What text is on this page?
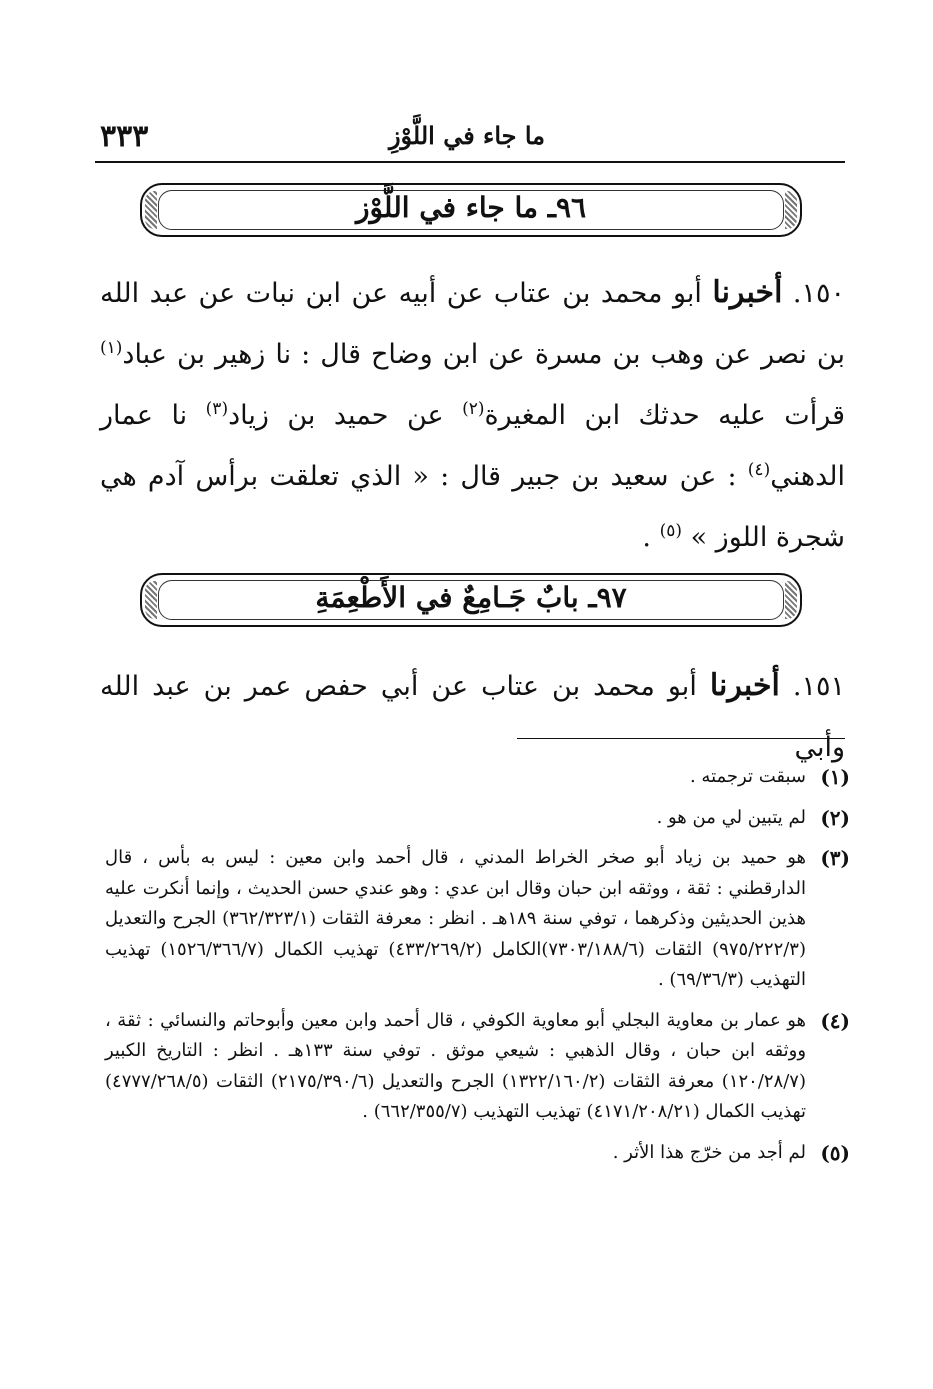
ما جاء في اللَّوْزِ
٣٣٣
٩٦ـ ما جاء في اللَّوْز
١٥٠. أخبرنا أبو محمد بن عتاب عن أبيه عن ابن نبات عن عبد الله بن نصر عن وهب بن مسرة عن ابن وضاح قال : نا زهير بن عباد$^{(١)}$ قرأت عليه حدثك ابن المغيرة$^{(٢)}$ عن حميد بن زياد$^{(٣)}$ نا عمار الدهني$^{(٤)}$ : عن سعيد بن جبير قال : « الذي تعلقت برأس آدم هي شجرة اللوز » $^{(٥)}$ .
٩٧ـ بابٌ جَـامِعٌ في الأَطْعِمَةِ
١٥١. أخبرنا أبو محمد بن عتاب عن أبي حفص عمر بن عبد الله وأبي
(١)
سبقت ترجمته .
(٢)
لم يتبين لي من هو .
(٣)
هو حميد بن زياد أبو صخر الخراط المدني ، قال أحمد وابن معين : ليس به بأس ، قال الدارقطني : ثقة ، ووثقه ابن حبان وقال ابن عدي : وهو عندي حسن الحديث ، وإنما أنكرت عليه هذين الحديثين وذكرهما ، توفي سنة ١٨٩هـ . انظر : معرفة الثقات (٣٦٢/٣٢٣/١) الجرح والتعديل (٩٧٥/٢٢٢/٣) الثقات (٧٣٠٣/١٨٨/٦)الكامل (٤٣٣/٢٦٩/٢) تهذيب الكمال (١٥٢٦/٣٦٦/٧) تهذيب التهذيب (٦٩/٣٦/٣) .
(٤)
هو عمار بن معاوية البجلي أبو معاوية الكوفي ، قال أحمد وابن معين وأبوحاتم والنسائي : ثقة ، ووثقه ابن حبان ، وقال الذهبي : شيعي موثق . توفي سنة ١٣٣هـ . انظر : التاريخ الكبير (١٢٠/٢٨/٧) معرفة الثقات (١٣٢٢/١٦٠/٢) الجرح والتعديل (٢١٧٥/٣٩٠/٦) الثقات (٤٧٧٧/٢٦٨/٥) تهذيب الكمال (٤١٧١/٢٠٨/٢١) تهذيب التهذيب (٦٦٢/٣٥٥/٧) .
(٥)
لم أجد من خرّج هذا الأثر .
